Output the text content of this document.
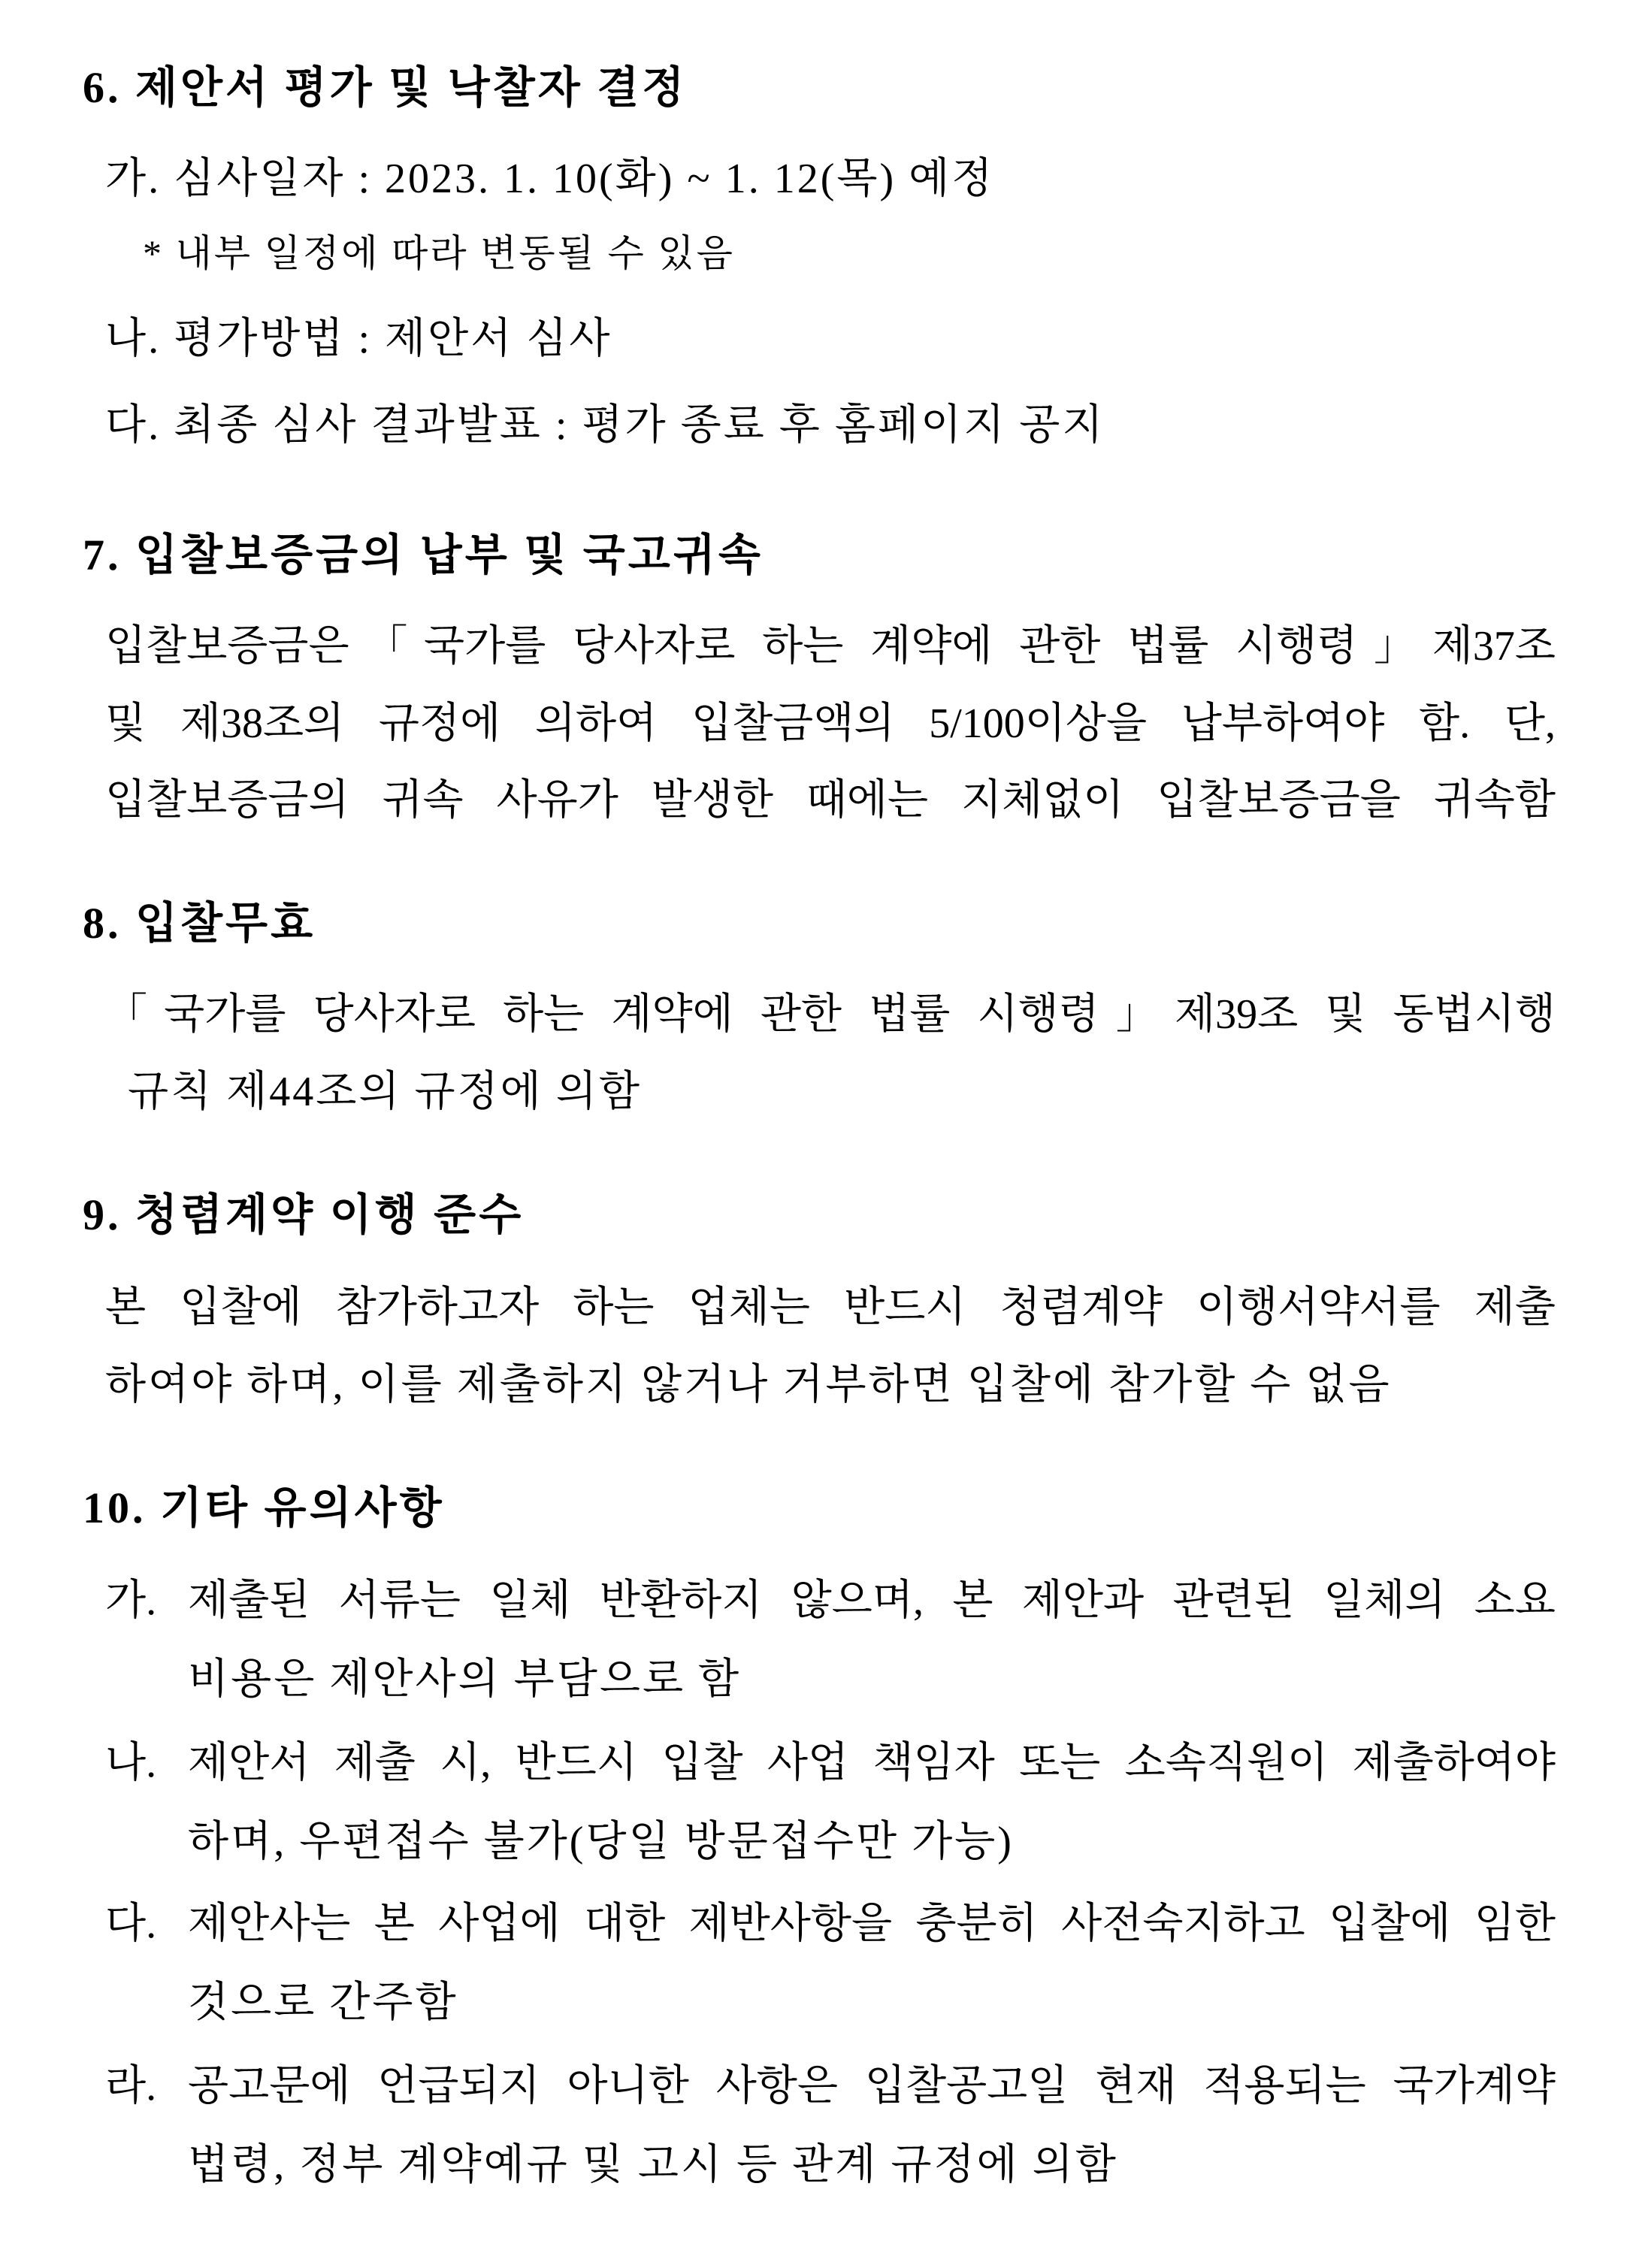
6. 제안서 평가 및 낙찰자 결정
가. 심사일자 : 2023. 1. 10(화) ~ 1. 12(목) 예정
* 내부 일정에 따라 변동될 수 있음
나. 평가방법 : 제안서 심사
다. 최종 심사 결과발표 : 평가 종료 후 홈페이지 공지
7. 입찰보증금의 납부 및 국고귀속
입찰보증금은「국가를 당사자로 하는 계약에 관한 법률 시행령」제37조
및 제38조의 규정에 의하여 입찰금액의 5/100이상을 납부하여야 함. 단,
입찰보증금의 귀속 사유가 발생한 때에는 지체없이 입찰보증금을 귀속함
8. 입찰무효
「국가를 당사자로 하는 계약에 관한 법률 시행령」제39조 및 동법시행
규칙 제44조의 규정에 의함
9. 청렴계약 이행 준수
본 입찰에 참가하고자 하는 업체는 반드시 청렴계약 이행서약서를 제출
하여야 하며, 이를 제출하지 않거나 거부하면 입찰에 참가할 수 없음
10. 기타 유의사항
가. 제출된 서류는 일체 반환하지 않으며, 본 제안과 관련된 일체의 소요
비용은 제안사의 부담으로 함
나. 제안서 제출 시, 반드시 입찰 사업 책임자 또는 소속직원이 제출하여야
하며, 우편접수 불가(당일 방문접수만 가능)
다. 제안사는 본 사업에 대한 제반사항을 충분히 사전숙지하고 입찰에 임한
것으로 간주함
라. 공고문에 언급되지 아니한 사항은 입찰공고일 현재 적용되는 국가계약
법령, 정부 계약예규 및 고시 등 관계 규정에 의함
